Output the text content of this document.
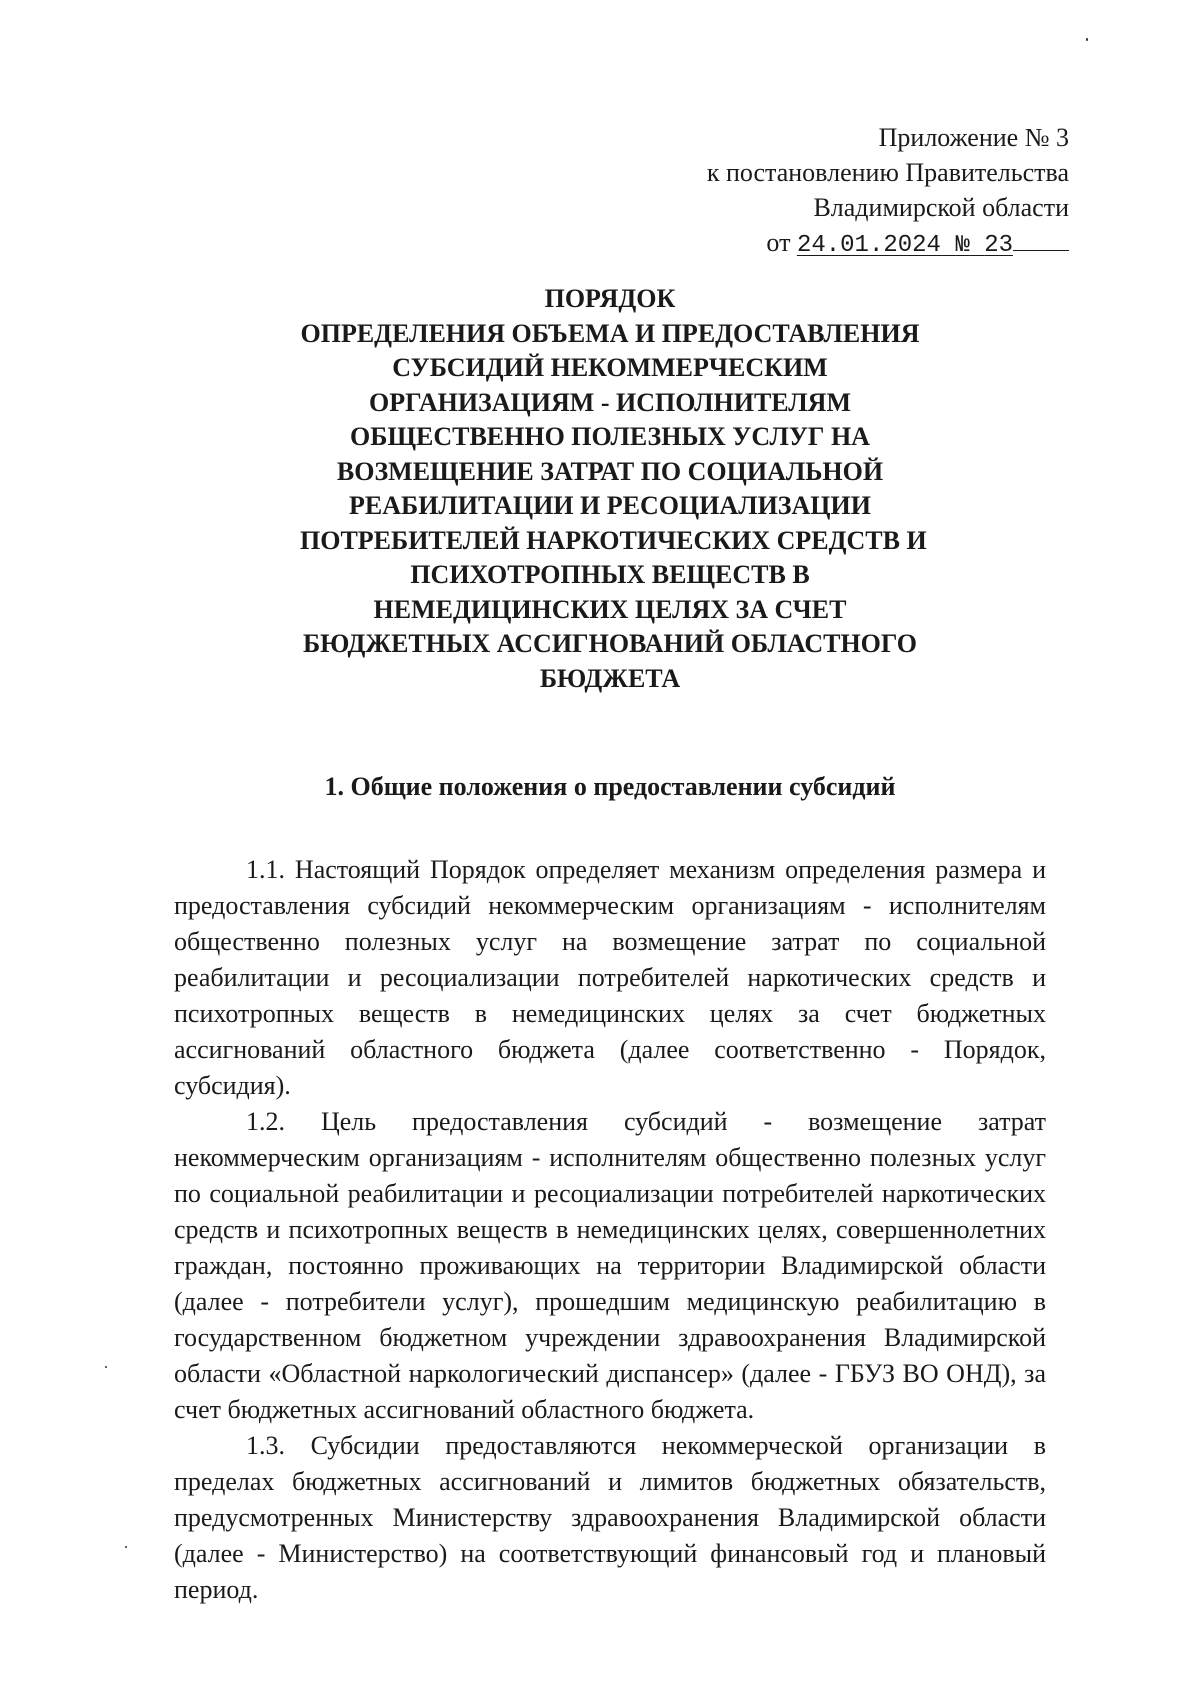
Приложение № 3
к постановлению Правительства
Владимирской области
от 24.01.2024 № 23
ПОРЯДОК
ОПРЕДЕЛЕНИЯ ОБЪЕМА И ПРЕДОСТАВЛЕНИЯ
СУБСИДИЙ НЕКОММЕРЧЕСКИМ
ОРГАНИЗАЦИЯМ - ИСПОЛНИТЕЛЯМ
ОБЩЕСТВЕННО ПОЛЕЗНЫХ УСЛУГ НА
ВОЗМЕЩЕНИЕ ЗАТРАТ ПО СОЦИАЛЬНОЙ
РЕАБИЛИТАЦИИ И РЕСОЦИАЛИЗАЦИИ
ПОТРЕБИТЕЛЕЙ НАРКОТИЧЕСКИХ СРЕДСТВ И
ПСИХОТРОПНЫХ ВЕЩЕСТВ В
НЕМЕДИЦИНСКИХ ЦЕЛЯХ ЗА СЧЕТ
БЮДЖЕТНЫХ АССИГНОВАНИЙ ОБЛАСТНОГО
БЮДЖЕТА
1. Общие положения о предоставлении субсидий

1.1. Настоящий Порядок определяет механизм определения размера и предоставления субсидий некоммерческим организациям - исполнителям общественно полезных услуг на возмещение затрат по социальной реабилитации и ресоциализации потребителей наркотических средств и психотропных веществ в немедицинских целях за счет бюджетных ассигнований областного бюджета (далее соответственно - Порядок, субсидия).

1.2. Цель предоставления субсидий - возмещение затрат некоммерческим организациям - исполнителям общественно полезных услуг по социальной реабилитации и ресоциализации потребителей наркотических средств и психотропных веществ в немедицинских целях, совершеннолетних граждан, постоянно проживающих на территории Владимирской области (далее - потребители услуг), прошедшим медицинскую реабилитацию в государственном бюджетном учреждении здравоохранения Владимирской области «Областной наркологический диспансер» (далее - ГБУЗ ВО ОНД), за счет бюджетных ассигнований областного бюджета.

1.3. Субсидии предоставляются некоммерческой организации в пределах бюджетных ассигнований и лимитов бюджетных обязательств, предусмотренных Министерству здравоохранения Владимирской области (далее - Министерство) на соответствующий финансовый год и плановый период.
